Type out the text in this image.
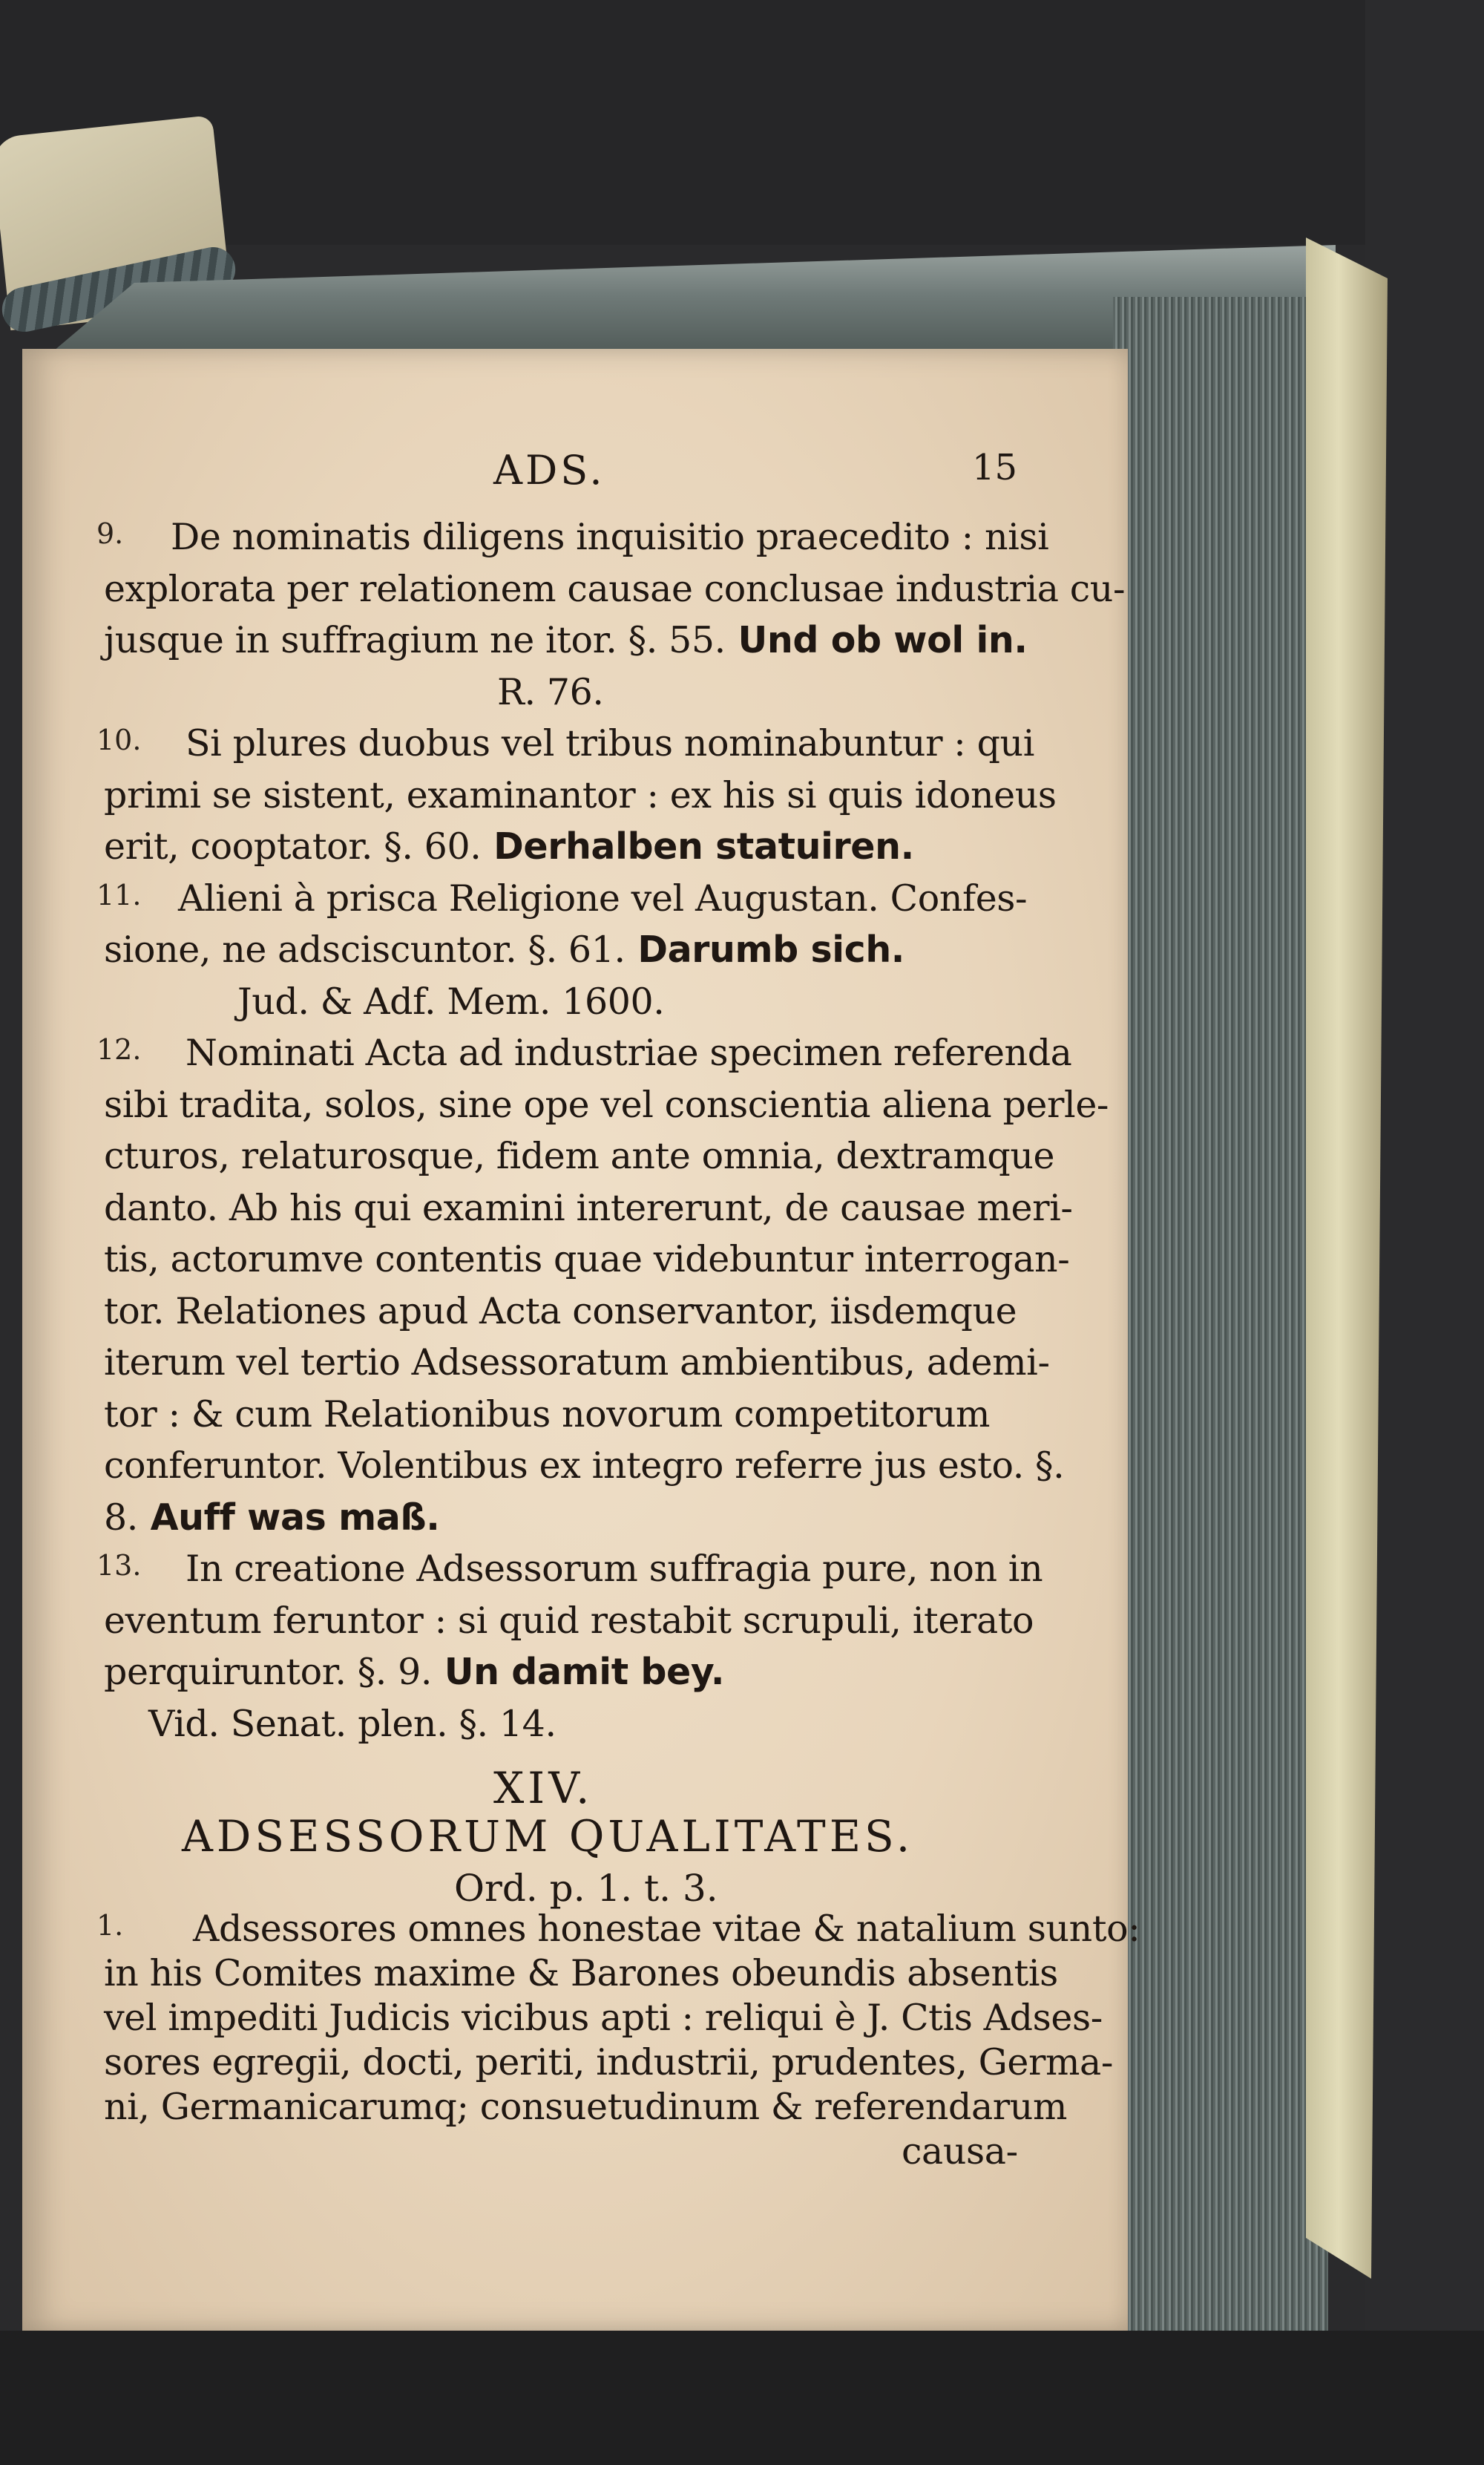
ADS.	15
9. De nominatis diligens inquisitio praecedito : nisi
explorata per relationem causae conclusae industria cu-
jusque in suffragium ne itor. §. 55. Und ob wol in.
R. 76.
10. Si plures duobus vel tribus nominabuntur : qui
primi se sistent, examinantor : ex his si quis idoneus
erit, cooptator. §. 60. Derhalben statuiren.
11. Alieni à prisca Religione vel Augustan. Confes-
sione, ne adsciscuntor. §. 61. Darumb sich.
Jud. & Adf. Mem. 1600.
12. Nominati Acta ad industriae specimen referenda
sibi tradita, solos, sine ope vel conscientia aliena perle-
cturos, relaturosque, fidem ante omnia, dextramque
danto. Ab his qui examini intererunt, de causae meri-
tis, actorumve contentis quae videbuntur interrogan-
tor. Relationes apud Acta conservantor, iisdemque
iterum vel tertio Adsessoratum ambientibus, ademi-
tor : & cum Relationibus novorum competitorum
conferuntor. Volentibus ex integro referre jus esto. §.
8. Auff was maß.
13. In creatione Adsessorum suffragia pure, non in
eventum feruntor : si quid restabit scrupuli, iterato
perquiruntor. §. 9. Un damit bey.
Vid. Senat. plen. §. 14.
XIV.
ADSESSORUM QUALITATES.
Ord. p. 1. t. 3.
1. Adsessores omnes honestae vitae & natalium sunto:
in his Comites maxime & Barones obeundis absentis
vel impediti Judicis vicibus apti : reliqui è J. Ctis Adses-
sores egregii, docti, periti, industrii, prudentes, Germa-
ni, Germanicarumq; consuetudinum & referendarum
causa-
